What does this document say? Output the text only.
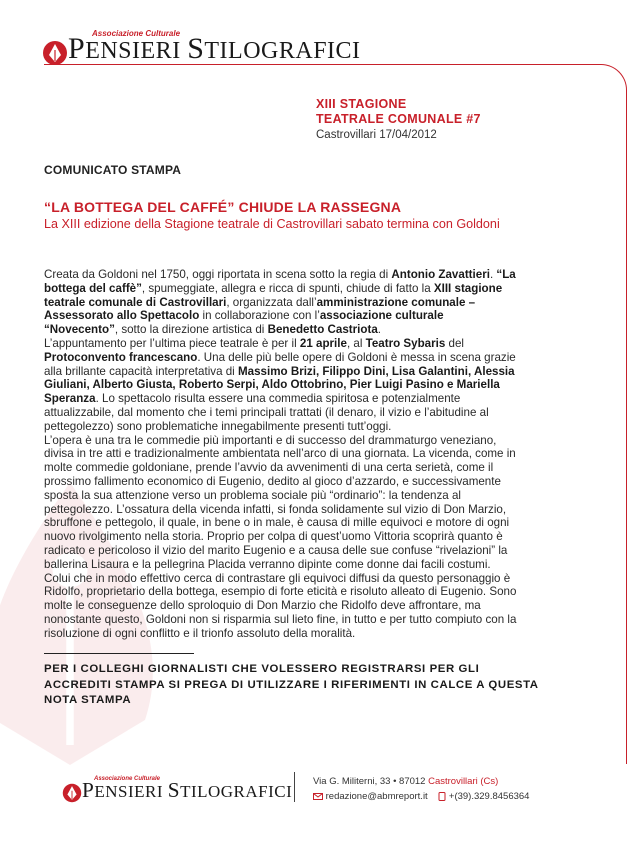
Associazione Culturale
PENSIERI STILOGRAFICI
XIII STAGIONE
TEATRALE COMUNALE #7
Castrovillari 17/04/2012
COMUNICATO STAMPA
“LA BOTTEGA DEL CAFFÉ” CHIUDE LA RASSEGNA
La XIII edizione della Stagione teatrale di Castrovillari sabato termina con Goldoni
Creata da Goldoni nel 1750, oggi riportata in scena sotto la regia di Antonio Zavattieri. “La bottega del caffè”, spumeggiate, allegra e ricca di spunti, chiude di fatto la XIII stagione teatrale comunale di Castrovillari, organizzata dall’amministrazione comunale – Assessorato allo Spettacolo in collaborazione con l’associazione culturale “Novecento”, sotto la direzione artistica di Benedetto Castriota.
L’appuntamento per l’ultima piece teatrale è per il 21 aprile, al Teatro Sybaris del Protoconvento francescano. Una delle più belle opere di Goldoni è messa in scena grazie alla brillante capacità interpretativa di Massimo Brizi, Filippo Dini, Lisa Galantini, Alessia Giuliani, Alberto Giusta, Roberto Serpi, Aldo Ottobrino, Pier Luigi Pasino e Mariella Speranza. Lo spettacolo risulta essere una commedia spiritosa e potenzialmente attualizzabile, dal momento che i temi principali trattati (il denaro, il vizio e l’abitudine al pettegolezzo) sono problematiche innegabilmente presenti tutt’oggi.
L’opera è una tra le commedie più importanti e di successo del drammaturgo veneziano, divisa in tre atti e tradizionalmente ambientata nell’arco di una giornata. La vicenda, come in molte commedie goldoniane, prende l’avvio da avvenimenti di una certa serietà, come il prossimo fallimento economico di Eugenio, dedito al gioco d’azzardo, e successivamente sposta la sua attenzione verso un problema sociale più “ordinario”: la tendenza al pettegolezzo. L’ossatura della vicenda infatti, si fonda solidamente sul vizio di Don Marzio, sbruffone e pettegolo, il quale, in bene o in male, è causa di mille equivoci e motore di ogni nuovo rivolgimento nella storia. Proprio per colpa di quest’uomo Vittoria scoprirà quanto è radicato e pericoloso il vizio del marito Eugenio e a causa delle sue confuse “rivelazioni” la ballerina Lisaura e la pellegrina Placida verranno dipinte come donne dai facili costumi. Colui che in modo effettivo cerca di contrastare gli equivoci diffusi da questo personaggio è Ridolfo, proprietario della bottega, esempio di forte eticità e risoluto alleato di Eugenio. Sono molte le conseguenze dello sproloquio di Don Marzio che Ridolfo deve affrontare, ma nonostante questo, Goldoni non si risparmia sul lieto fine, in tutto e per tutto compiuto con la risoluzione di ogni conflitto e il trionfo assoluto della moralità.
PER I COLLEGHI GIORNALISTI CHE VOLESSERO REGISTRARSI PER GLI ACCREDITI STAMPA SI PREGA DI UTILIZZARE I RIFERIMENTI IN CALCE A QUESTA NOTA STAMPA
Associazione Culturale
PENSIERI STILOGRAFICI
Via G. Militerni, 33 • 87012 Castrovillari (Cs)
redazione@abmreport.it +(39).329.8456364
